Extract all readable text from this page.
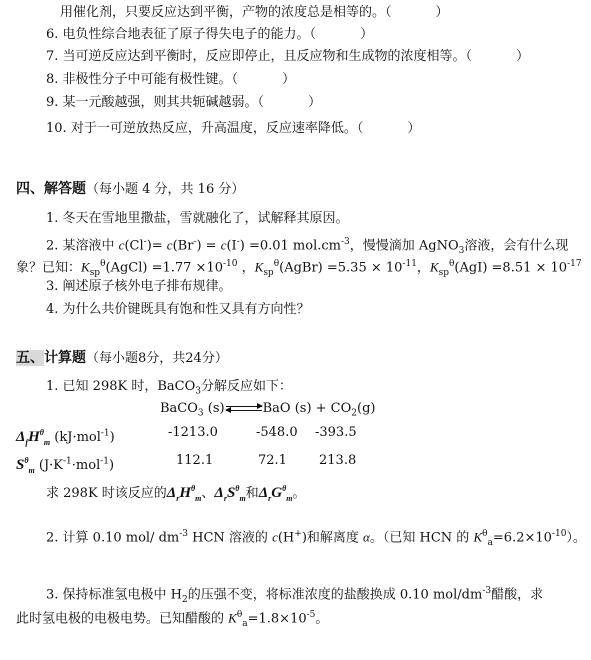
用催化剂，只要反应达到平衡，产物的浓度总是相等的。（	）
6. 电负性综合地表征了原子得失电子的能力。（	）
7. 当可逆反应达到平衡时，反应即停止，且反应物和生成物的浓度相等。（	）
8. 非极性分子中可能有极性键。（	）
9. 某一元酸越强，则其共轭碱越弱。（	）
10. 对于一可逆放热反应，升高温度，反应速率降低。（	）
四、解答题（每小题 4 分，共 16 分）
1. 冬天在雪地里撒盐，雪就融化了，试解释其原因。
2. 某溶液中 c(Cl-)= c(Br-) = c(I-) =0.01 $mol.cm^{-3}$，慢慢滴加 AgNO$_3$溶液，会有什么现
象？已知：$K_{sp}^\theta(AgCl) =1.77 \times 10^{-10}$ ，$K_{sp}^\theta(AgBr) =5.35 \times 10^{-11}$，$K_{sp}^\theta(AgI) =8.51 \times 10^{-17}$
3. 阐述原子核外电子排布规律。
4. 为什么共价键既具有饱和性又具有方向性？
五、计算题（每小题8分，共24分）
1. 已知 298K 时，BaCO$_3$分解反应如下：
BaCO$_3$ (s)	BaO $(s) + CO_2(g)$
$\Delta_fH^\theta_m$ (kJ·mol$^{-1}$)	-1213.0	-548.0 -393.5
$S^\theta_m$ $(J\cdot K^{-1}\cdot mol^{-1})$	112.1	72.1 213.8
求 298K 时该反应的$\Delta_rH^\theta_m$、$\Delta_rS^\theta_m$和$\Delta_rG^\theta_m$。
2. 计算 0.10 mol/ $dm^{-3}$ HCN 溶液的 c(H+)和解离度 α。（已知 HCN 的 $K^\theta_a=6.2\times 10^{-10}$）。
3. 保持标准氢电极中 $H_2$的压强不变，将标准浓度的盐酸换成 0.10 mol/$dm^{-3}$醋酸，求
此时氢电极的电极电势。已知醋酸的 $K^\theta_a=1.8\times 10^{-5}$。
